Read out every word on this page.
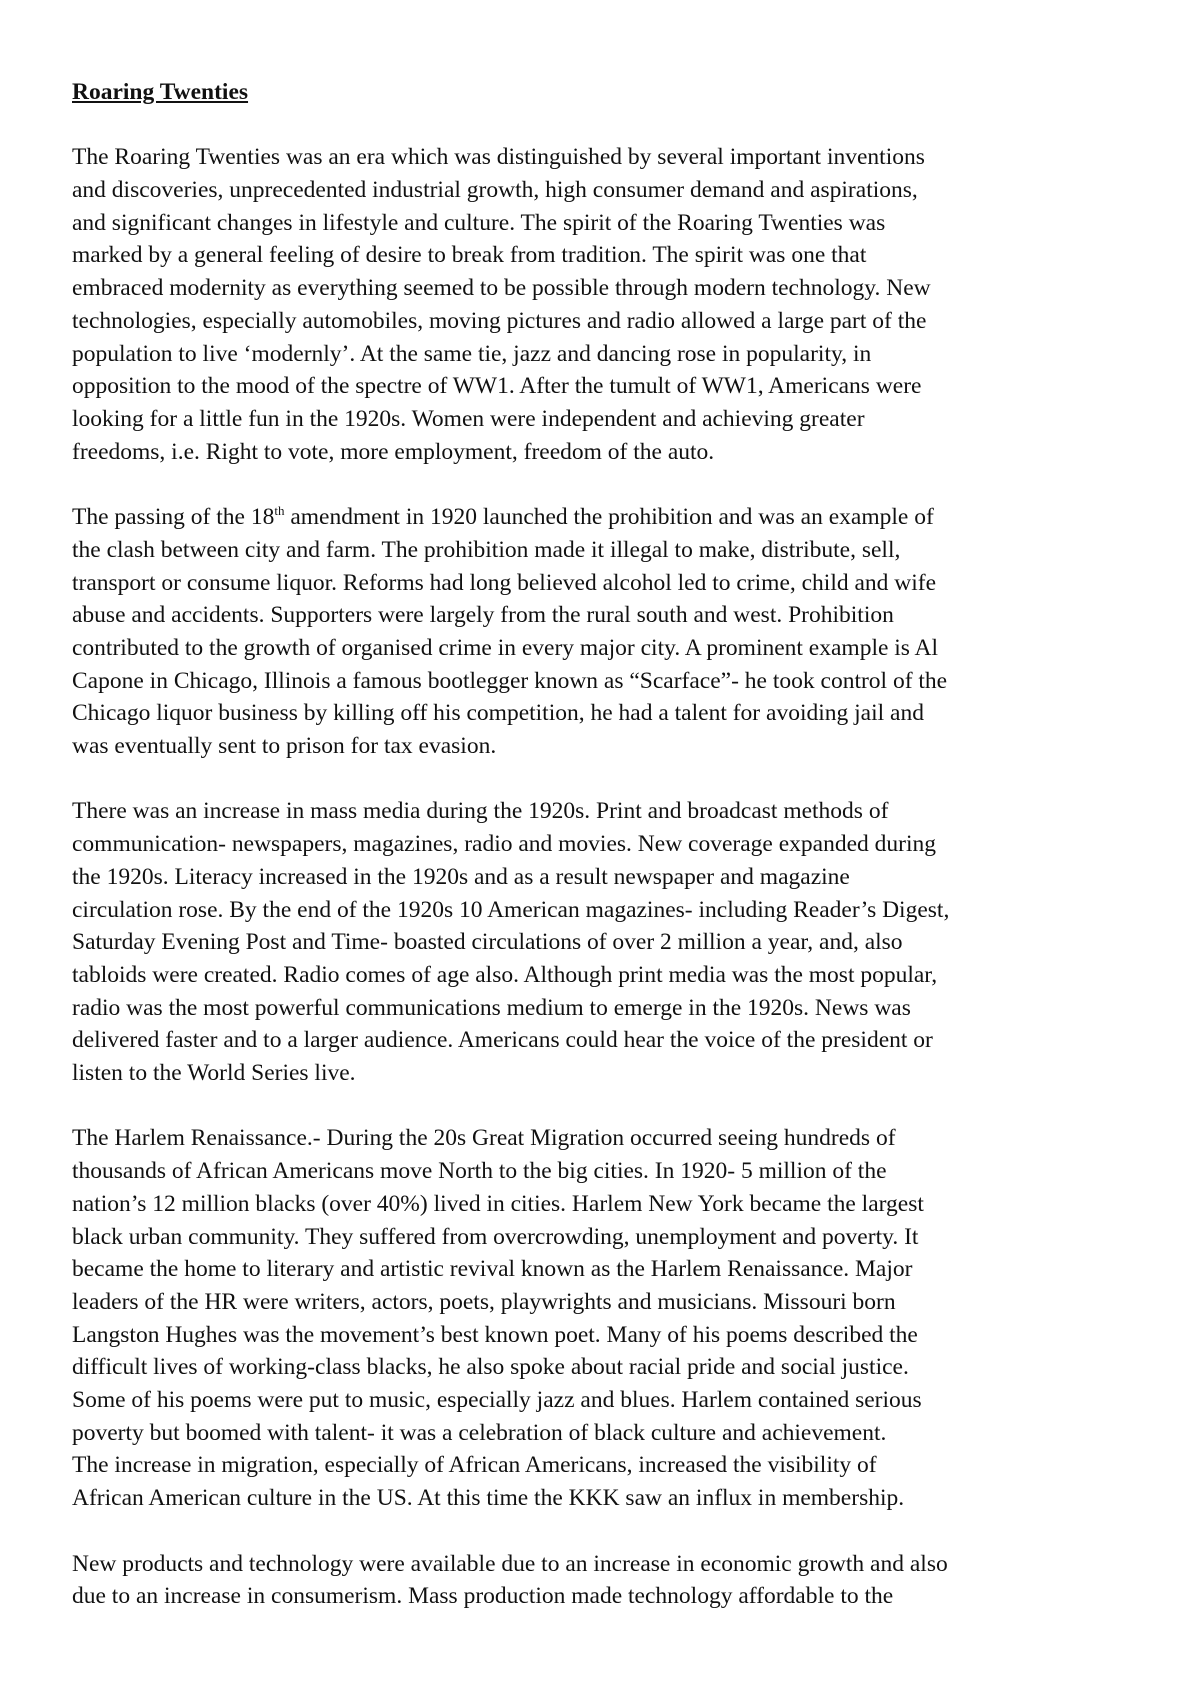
Roaring Twenties
The Roaring Twenties was an era which was distinguished by several important inventions
and discoveries, unprecedented industrial growth, high consumer demand and aspirations,
and significant changes in lifestyle and culture. The spirit of the Roaring Twenties was
marked by a general feeling of desire to break from tradition. The spirit was one that
embraced modernity as everything seemed to be possible through modern technology. New
technologies, especially automobiles, moving pictures and radio allowed a large part of the
population to live ‘modernly’. At the same tie, jazz and dancing rose in popularity, in
opposition to the mood of the spectre of WW1. After the tumult of WW1, Americans were
looking for a little fun in the 1920s. Women were independent and achieving greater
freedoms, i.e. Right to vote, more employment, freedom of the auto.
The passing of the 18th amendment in 1920 launched the prohibition and was an example of
the clash between city and farm. The prohibition made it illegal to make, distribute, sell,
transport or consume liquor. Reforms had long believed alcohol led to crime, child and wife
abuse and accidents. Supporters were largely from the rural south and west. Prohibition
contributed to the growth of organised crime in every major city. A prominent example is Al
Capone in Chicago, Illinois a famous bootlegger known as “Scarface”- he took control of the
Chicago liquor business by killing off his competition, he had a talent for avoiding jail and
was eventually sent to prison for tax evasion.
There was an increase in mass media during the 1920s. Print and broadcast methods of
communication- newspapers, magazines, radio and movies. New coverage expanded during
the 1920s. Literacy increased in the 1920s and as a result newspaper and magazine
circulation rose. By the end of the 1920s 10 American magazines- including Reader’s Digest,
Saturday Evening Post and Time- boasted circulations of over 2 million a year, and, also
tabloids were created. Radio comes of age also. Although print media was the most popular,
radio was the most powerful communications medium to emerge in the 1920s. News was
delivered faster and to a larger audience. Americans could hear the voice of the president or
listen to the World Series live.
The Harlem Renaissance.- During the 20s Great Migration occurred seeing hundreds of
thousands of African Americans move North to the big cities. In 1920- 5 million of the
nation’s 12 million blacks (over 40%) lived in cities. Harlem New York became the largest
black urban community. They suffered from overcrowding, unemployment and poverty. It
became the home to literary and artistic revival known as the Harlem Renaissance. Major
leaders of the HR were writers, actors, poets, playwrights and musicians. Missouri born
Langston Hughes was the movement’s best known poet. Many of his poems described the
difficult lives of working-class blacks, he also spoke about racial pride and social justice.
Some of his poems were put to music, especially jazz and blues. Harlem contained serious
poverty but boomed with talent- it was a celebration of black culture and achievement.
The increase in migration, especially of African Americans, increased the visibility of
African American culture in the US. At this time the KKK saw an influx in membership.
New products and technology were available due to an increase in economic growth and also
due to an increase in consumerism. Mass production made technology affordable to the
